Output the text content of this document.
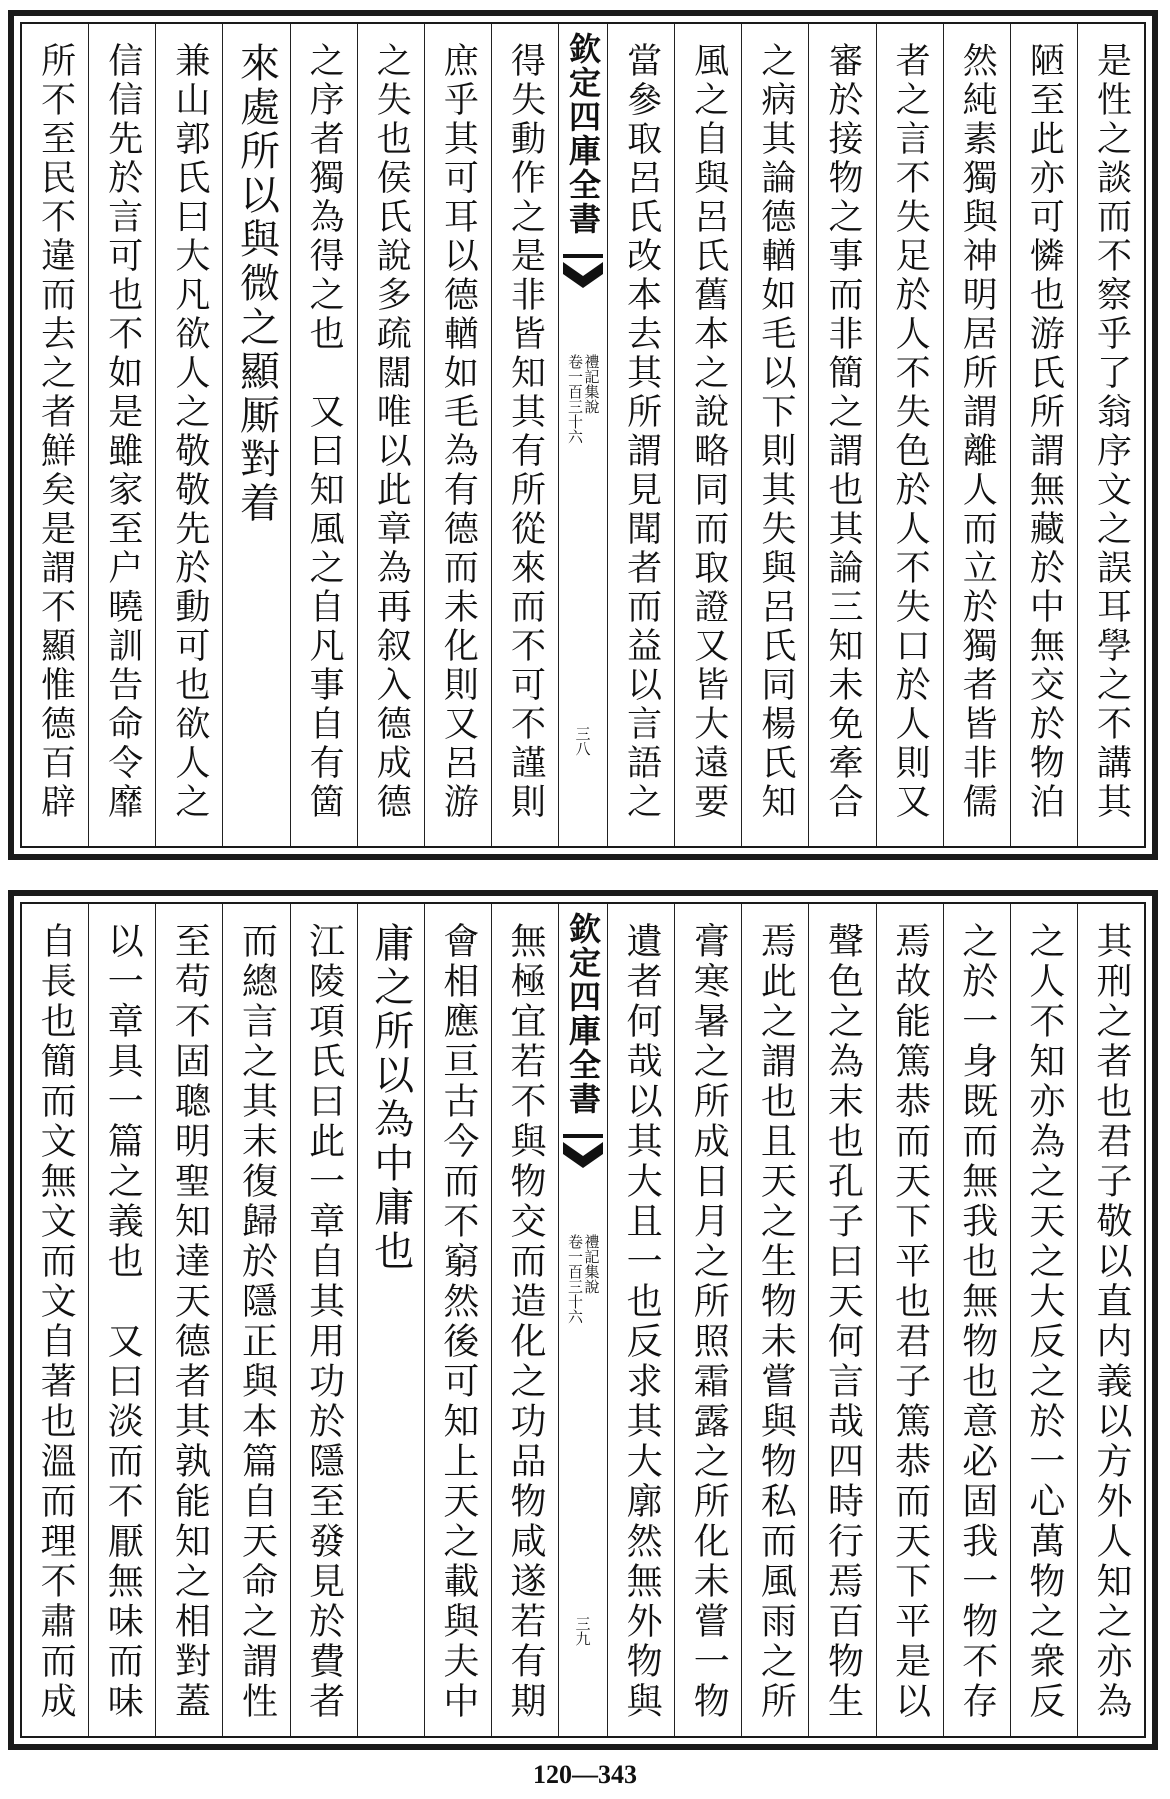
是性之談而不察乎了翁序文之誤耳學之不講其
陋至此亦可憐也游氏所謂無藏於中無交於物泊
然純素獨與神明居所謂離人而立於獨者皆非儒
者之言不失足於人不失色於人不失口於人則又
審於接物之事而非簡之謂也其論三知未免牽合
之病其論德輶如毛以下則其失與呂氏同楊氏知
風之自與呂氏舊本之說略同而取證又皆大遠要
當參取呂氏改本去其所謂見聞者而益以言語之
欽定四庫全書
禮記集說
卷一百三十六
三八
得失動作之是非皆知其有所從來而不可不謹則
庶乎其可耳以德輶如毛為有德而未化則又呂游
之失也侯氏說多疏闊唯以此章為再叙入德成德
之序者獨為得之也　又曰知風之自凡事自有箇
來處所以與微之顯厮對着
兼山郭氏曰大凡欲人之敬敬先於動可也欲人之
信信先於言可也不如是雖家至户曉訓告命令靡
所不至民不違而去之者鮮矣是謂不顯惟德百辟
其刑之者也君子敬以直内義以方外人知之亦為
之人不知亦為之天之大反之於一心萬物之衆反
之於一身既而無我也無物也意必固我一物不存
焉故能篤恭而天下平也君子篤恭而天下平是以
聲色之為末也孔子曰天何言哉四時行焉百物生
焉此之謂也且天之生物未嘗與物私而風雨之所
膏寒暑之所成日月之所照霜露之所化未嘗一物
遺者何哉以其大且一也反求其大廓然無外物與
欽定四庫全書
禮記集說
卷一百三十六
三九
無極宜若不與物交而造化之功品物咸遂若有期
會相應亘古今而不窮然後可知上天之載與夫中
庸之所以為中庸也
江陵項氏曰此一章自其用功於隱至發見於費者
而總言之其末復歸於隱正與本篇自天命之謂性
至苟不固聰明聖知達天德者其孰能知之相對蓋
以一章具一篇之義也　又曰淡而不厭無味而味
自長也簡而文無文而文自著也溫而理不肅而成
120—343
